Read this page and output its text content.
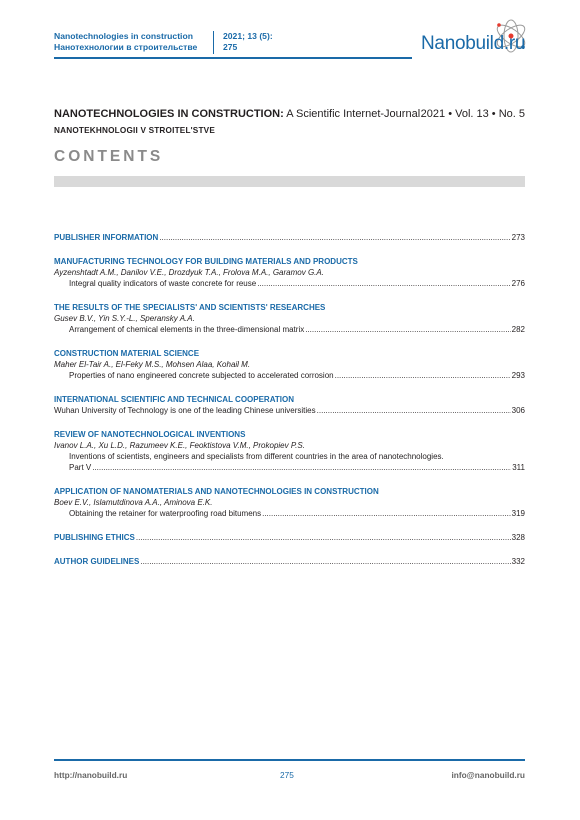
Nanotechnologies in construction
Нанотехнологии в строительстве
2021; 13 (5):
275	Nanobuild.ru
NANOTECHNOLOGIES IN CONSTRUCTION: A Scientific Internet-Journal 2021 • Vol. 13 • No. 5
NANOTEKHNOLOGII V STROITEL'STVE
CONTENTS
PUBLISHER INFORMATION .....	273
MANUFACTURING TECHNOLOGY FOR BUILDING MATERIALS AND PRODUCTS
Ayzenshtadt A.M., Danilov V.E., Drozdyuk T.A., Frolova M.A., Garamov G.A.
Integral quality indicators of waste concrete for reuse .....	276
THE RESULTS OF THE SPECIALISTS' AND SCIENTISTS' RESEARCHES
Gusev B.V., Yin S.Y.-L., Speransky A.A.
Arrangement of chemical elements in the three-dimensional matrix .....	282
CONSTRUCTION MATERIAL SCIENCE
Maher El-Tair A., El-Feky M.S., Mohsen Alaa, Kohail M.
Properties of nano engineered concrete subjected to accelerated corrosion .....	293
INTERNATIONAL SCIENTIFIC AND TECHNICAL COOPERATION
Wuhan University of Technology is one of the leading Chinese universities .....	306
REVIEW OF NANOTECHNOLOGICAL INVENTIONS
Ivanov L.A., Xu L.D., Razumeev K.E., Feoktistova V.M., Prokopiev P.S.
Inventions of scientists, engineers and specialists from different countries in the area of nanotechnologies.
Part V .....	311
APPLICATION OF NANOMATERIALS AND NANOTECHNOLOGIES IN CONSTRUCTION
Boev E.V., Islamutdinova A.A., Aminova E.K.
Obtaining the retainer for waterproofing road bitumens .....	319
PUBLISHING ETHICS .....	328
AUTHOR GUIDELINES .....	332
http://nanobuild.ru	275	info@nanobuild.ru
